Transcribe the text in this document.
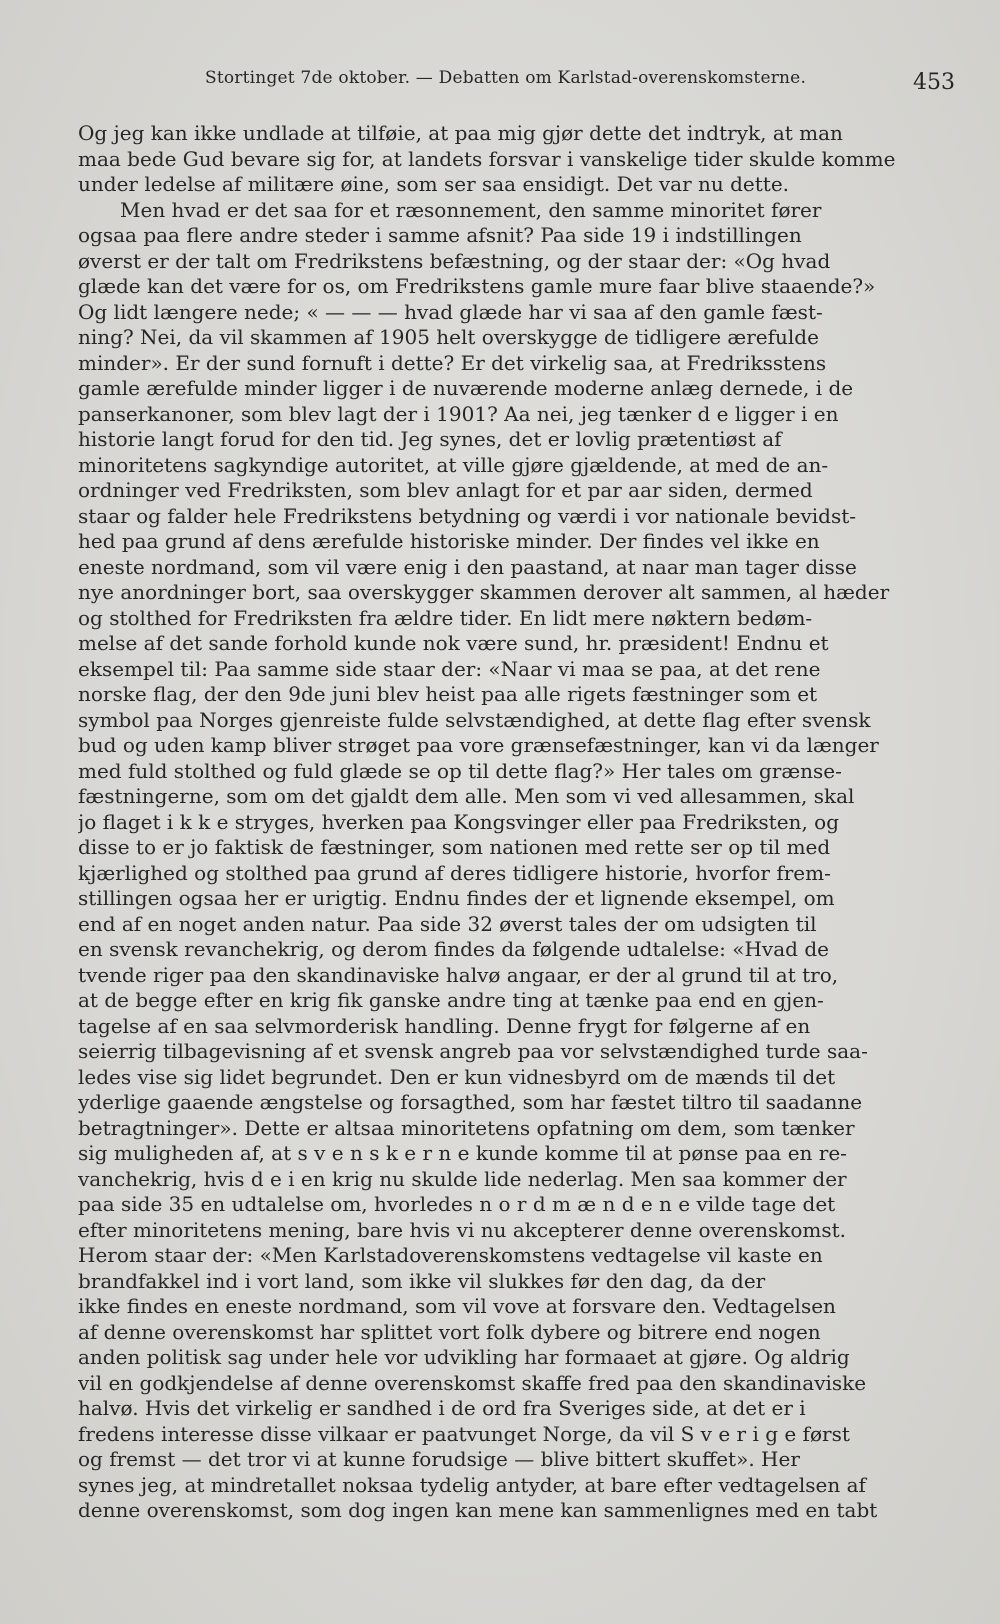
Stortinget 7de oktober. — Debatten om Karlstad-overenskomsterne.	453
Og jeg kan ikke undlade at tilføie, at paa mig gjør dette det indtryk, at man
maa bede Gud bevare sig for, at landets forsvar i vanskelige tider skulde komme
under ledelse af militære øine, som ser saa ensidigt. Det var nu dette.
Men hvad er det saa for et ræsonnement, den samme minoritet fører
ogsaa paa flere andre steder i samme afsnit? Paa side 19 i indstillingen
øverst er der talt om Fredrikstens befæstning, og der staar der: «Og hvad
glæde kan det være for os, om Fredrikstens gamle mure faar blive staaende?»
Og lidt længere nede; « — — — hvad glæde har vi saa af den gamle fæst-
ning? Nei, da vil skammen af 1905 helt overskygge de tidligere ærefulde
minder». Er der sund fornuft i dette? Er det virkelig saa, at Fredriksstens
gamle ærefulde minder ligger i de nuværende moderne anlæg dernede, i de
panserkanoner, som blev lagt der i 1901? Aa nei, jeg tænker d e ligger i en
historie langt forud for den tid. Jeg synes, det er lovlig prætentiøst af
minoritetens sagkyndige autoritet, at ville gjøre gjældende, at med de an-
ordninger ved Fredriksten, som blev anlagt for et par aar siden, dermed
staar og falder hele Fredrikstens betydning og værdi i vor nationale bevidst-
hed paa grund af dens ærefulde historiske minder. Der findes vel ikke en
eneste nordmand, som vil være enig i den paastand, at naar man tager disse
nye anordninger bort, saa overskygger skammen derover alt sammen, al hæder
og stolthed for Fredriksten fra ældre tider. En lidt mere nøktern bedøm-
melse af det sande forhold kunde nok være sund, hr. præsident! Endnu et
eksempel til: Paa samme side staar der: «Naar vi maa se paa, at det rene
norske flag, der den 9de juni blev heist paa alle rigets fæstninger som et
symbol paa Norges gjenreiste fulde selvstændighed, at dette flag efter svensk
bud og uden kamp bliver strøget paa vore grænsefæstninger, kan vi da længer
med fuld stolthed og fuld glæde se op til dette flag?» Her tales om grænse-
fæstningerne, som om det gjaldt dem alle. Men som vi ved allesammen, skal
jo flaget i k k e stryges, hverken paa Kongsvinger eller paa Fredriksten, og
disse to er jo faktisk de fæstninger, som nationen med rette ser op til med
kjærlighed og stolthed paa grund af deres tidligere historie, hvorfor frem-
stillingen ogsaa her er urigtig. Endnu findes der et lignende eksempel, om
end af en noget anden natur. Paa side 32 øverst tales der om udsigten til
en svensk revanchekrig, og derom findes da følgende udtalelse: «Hvad de
tvende riger paa den skandinaviske halvø angaar, er der al grund til at tro,
at de begge efter en krig fik ganske andre ting at tænke paa end en gjen-
tagelse af en saa selvmorderisk handling. Denne frygt for følgerne af en
seierrig tilbagevisning af et svensk angreb paa vor selvstændighed turde saa-
ledes vise sig lidet begrundet. Den er kun vidnesbyrd om de mænds til det
yderlige gaaende ængstelse og forsagthed, som har fæstet tiltro til saadanne
betragtninger». Dette er altsaa minoritetens opfatning om dem, som tænker
sig muligheden af, at s v e n s k e r n e kunde komme til at pønse paa en re-
vanchekrig, hvis d e i en krig nu skulde lide nederlag. Men saa kommer der
paa side 35 en udtalelse om, hvorledes n o r d m æ n d e n e vilde tage det
efter minoritetens mening, bare hvis vi nu akcepterer denne overenskomst.
Herom staar der: «Men Karlstadoverenskomstens vedtagelse vil kaste en
brandfakkel ind i vort land, som ikke vil slukkes før den dag, da der
ikke findes en eneste nordmand, som vil vove at forsvare den. Vedtagelsen
af denne overenskomst har splittet vort folk dybere og bitrere end nogen
anden politisk sag under hele vor udvikling har formaaet at gjøre. Og aldrig
vil en godkjendelse af denne overenskomst skaffe fred paa den skandinaviske
halvø. Hvis det virkelig er sandhed i de ord fra Sveriges side, at det er i
fredens interesse disse vilkaar er paatvunget Norge, da vil S v e r i g e først
og fremst — det tror vi at kunne forudsige — blive bittert skuffet». Her
synes jeg, at mindretallet noksaa tydelig antyder, at bare efter vedtagelsen af
denne overenskomst, som dog ingen kan mene kan sammenlignes med en tabt
